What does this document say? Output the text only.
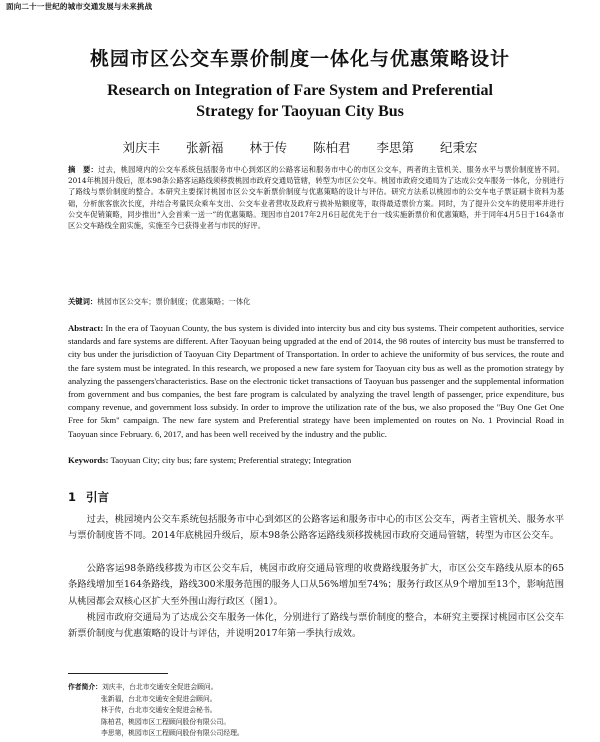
面向二十一世纪的城市交通发展与未来挑战
桃园市区公交车票价制度一体化与优惠策略设计
Research on Integration of Fare System and Preferential
Strategy for Taoyuan City Bus
刘庆丰 张新福 林于传 陈柏君 李思第 纪秉宏
摘　要：过去，桃园境内的公交车系统包括服务市中心到郊区的公路客运和服务市中心的市区公交车，两者的主管机关、服务水平与票价制度皆不同。2014年桃园升级后，原本98条公路客运路线须移拨桃园市政府交通局管辖，转型为市区公交车。桃园市政府交通局为了达成公交车服务一体化，分别进行了路线与票价制度的整合。本研究主要探讨桃园市区公交车新票价制度与优惠策略的设计与评估。研究方法系以桃园市的公交车电子票证刷卡资料为基础，分析旅客旅次长度，并结合考量民众乘车支出、公交车业者营收及政府亏损补贴额度等，取得最适票价方案。同时，为了提升公交车的使用率并进行公交车促销策略，同步推出“入会首乘一送一”的优惠策略。现因市自2017年2月6日起优先于台一线实施新票价和优惠策略，并于同年4月5日于164条市区公交车路线全面实施，实施至今已获得业者与市民的好评。
关键词：桃园市区公交车；票价制度；优惠策略；一体化
Abstract: In the era of Taoyuan County, the bus system is divided into intercity bus and city bus systems. Their competent authorities, service standards and fare systems are different. After Taoyuan being upgraded at the end of 2014, the 98 routes of intercity bus must be transferred to city bus under the jurisdiction of Taoyuan City Department of Transportation. In order to achieve the uniformity of bus services, the route and the fare system must be integrated. In this research, we proposed a new fare system for Taoyuan city bus as well as the promotion strategy by analyzing the passengers'characteristics. Base on the electronic ticket transactions of Taoyuan bus passenger and the supplemental information from government and bus companies, the best fare program is calculated by analyzing the travel length of passenger, price expenditure, bus company revenue, and government loss subsidy. In order to improve the utilization rate of the bus, we also proposed the "Buy One Get One Free for 5km" campaign. The new fare system and Preferential strategy have been implemented on routes on No. 1 Provincial Road in Taoyuan since February. 6, 2017, and has been well received by the industry and the public.
Keywords: Taoyuan City; city bus; fare system; Preferential strategy; Integration
1 引言
过去，桃园境内公交车系统包括服务市中心到郊区的公路客运和服务市中心的市区公交车，两者主管机关、服务水平与票价制度皆不同。2014年底桃园升级后，原本98条公路客运路线须移拨桃园市政府交通局管辖，转型为市区公交车。
公路客运98条路线移拨为市区公交车后，桃园市政府交通局管理的收费路线服务扩大，市区公交车路线从原本的65条路线增加至164条路线，路线300米服务范围的服务人口从56%增加至74%；服务行政区从9个增加至13个，影响范围从桃园都会双核心区扩大至外围山海行政区（图1）。
桃园市政府交通局为了达成公交车服务一体化，分别进行了路线与票价制度的整合，本研究主要探讨桃园市区公交车新票价制度与优惠策略的设计与评估，并说明2017年第一季执行成效。
作者简介：刘庆丰，台北市交通安全促进会顾问。
张新福，台北市交通安全促进会顾问。
林于传，台北市交通安全促进会秘书。
陈柏君，桃园市区工程顾问股份有限公司。
李思第，桃园市区工程顾问股份有限公司经理。
